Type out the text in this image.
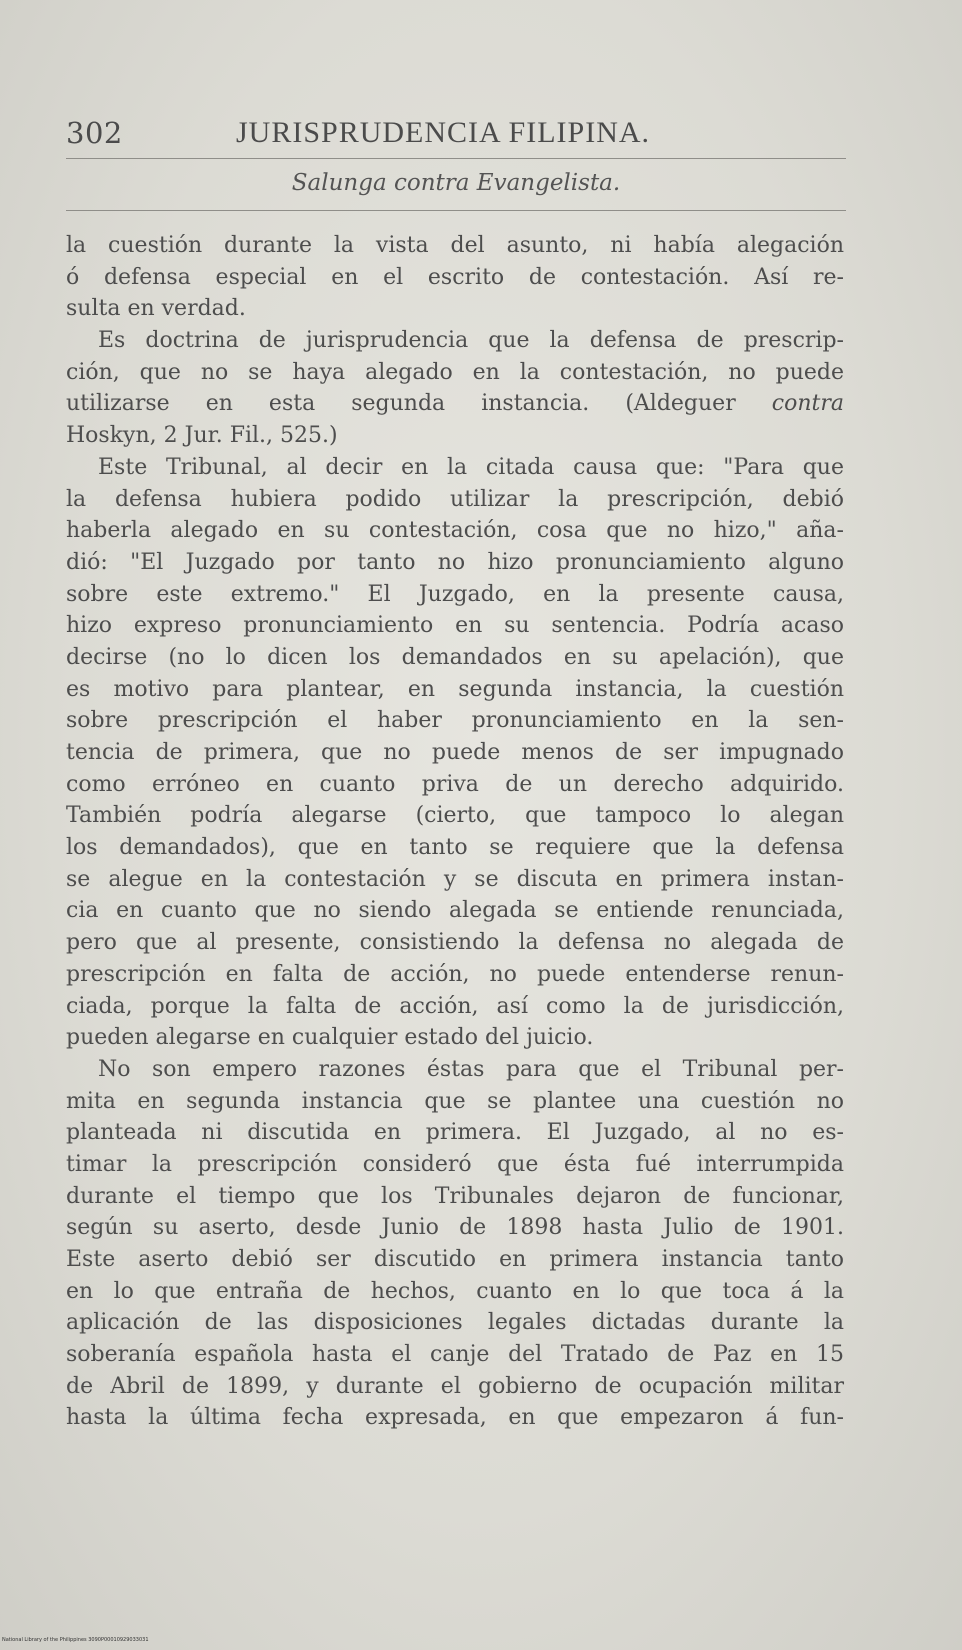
302	JURISPRUDENCIA FILIPINA.
Salunga contra Evangelista.
la cuestión durante la vista del asunto, ni había alegación
ó defensa especial en el escrito de contestación. Así re-
sulta en verdad.
Es doctrina de jurisprudencia que la defensa de prescrip-
ción, que no se haya alegado en la contestación, no puede
utilizarse en esta segunda instancia. (Aldeguer contra
Hoskyn, 2 Jur. Fil., 525.)
Este Tribunal, al decir en la citada causa que: "Para que
la defensa hubiera podido utilizar la prescripción, debió
haberla alegado en su contestación, cosa que no hizo," aña-
dió: "El Juzgado por tanto no hizo pronunciamiento alguno
sobre este extremo." El Juzgado, en la presente causa,
hizo expreso pronunciamiento en su sentencia. Podría acaso
decirse (no lo dicen los demandados en su apelación), que
es motivo para plantear, en segunda instancia, la cuestión
sobre prescripción el haber pronunciamiento en la sen-
tencia de primera, que no puede menos de ser impugnado
como erróneo en cuanto priva de un derecho adquirido.
También podría alegarse (cierto, que tampoco lo alegan
los demandados), que en tanto se requiere que la defensa
se alegue en la contestación y se discuta en primera instan-
cia en cuanto que no siendo alegada se entiende renunciada,
pero que al presente, consistiendo la defensa no alegada de
prescripción en falta de acción, no puede entenderse renun-
ciada, porque la falta de acción, así como la de jurisdicción,
pueden alegarse en cualquier estado del juicio.
No son empero razones éstas para que el Tribunal per-
mita en segunda instancia que se plantee una cuestión no
planteada ni discutida en primera. El Juzgado, al no es-
timar la prescripción consideró que ésta fué interrumpida
durante el tiempo que los Tribunales dejaron de funcionar,
según su aserto, desde Junio de 1898 hasta Julio de 1901.
Este aserto debió ser discutido en primera instancia tanto
en lo que entraña de hechos, cuanto en lo que toca á la
aplicación de las disposiciones legales dictadas durante la
soberanía española hasta el canje del Tratado de Paz en 15
de Abril de 1899, y durante el gobierno de ocupación militar
hasta la última fecha expresada, en que empezaron á fun-
National Library of the Philippines 3090P00010929033031
